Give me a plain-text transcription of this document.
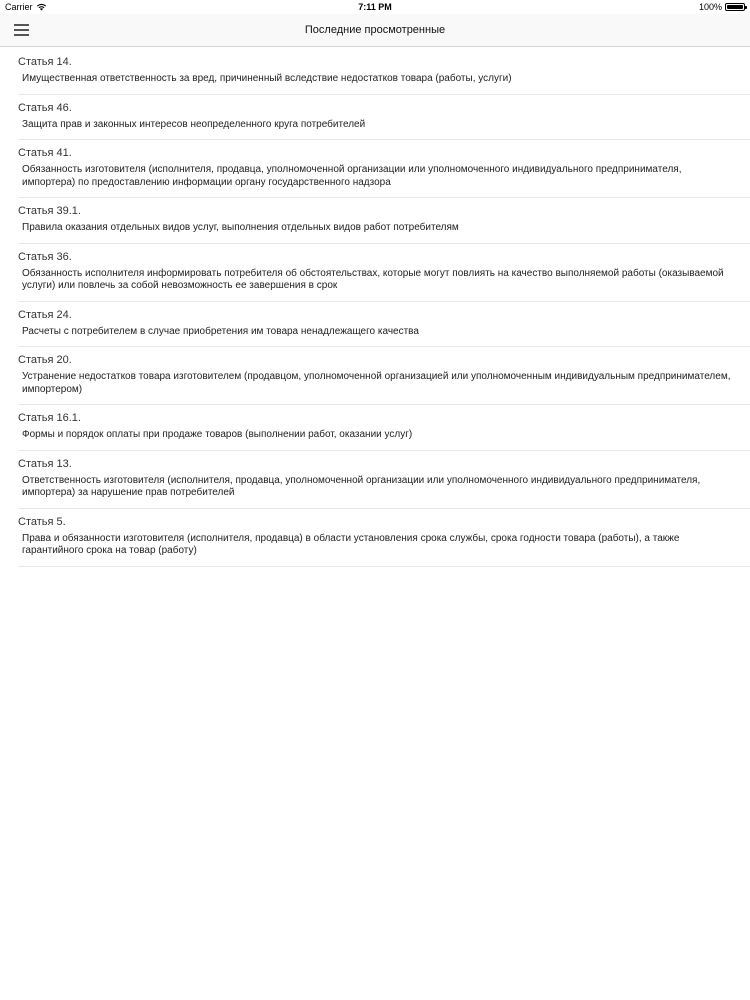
Carrier	7:11 PM	100%
Последние просмотренные
Статья 14.
Имущественная ответственность за вред, причиненный вследствие недостатков товара (работы, услуги)
Статья 46.
Защита прав и законных интересов неопределенного круга потребителей
Статья 41.
Обязанность изготовителя (исполнителя, продавца, уполномоченной организации или уполномоченного индивидуального предпринимателя, импортера) по предоставлению информации органу государственного надзора
Статья 39.1.
Правила оказания отдельных видов услуг, выполнения отдельных видов работ потребителям
Статья 36.
Обязанность исполнителя информировать потребителя об обстоятельствах, которые могут повлиять на качество выполняемой работы (оказываемой услуги) или повлечь за собой невозможность ее завершения в срок
Статья 24.
Расчеты с потребителем в случае приобретения им товара ненадлежащего качества
Статья 20.
Устранение недостатков товара изготовителем (продавцом, уполномоченной организацией или уполномоченным индивидуальным предпринимателем, импортером)
Статья 16.1.
Формы и порядок оплаты при продаже товаров (выполнении работ, оказании услуг)
Статья 13.
Ответственность изготовителя (исполнителя, продавца, уполномоченной организации или уполномоченного индивидуального предпринимателя, импортера) за нарушение прав потребителей
Статья 5.
Права и обязанности изготовителя (исполнителя, продавца) в области установления срока службы, срока годности товара (работы), а также гарантийного срока на товар (работу)
